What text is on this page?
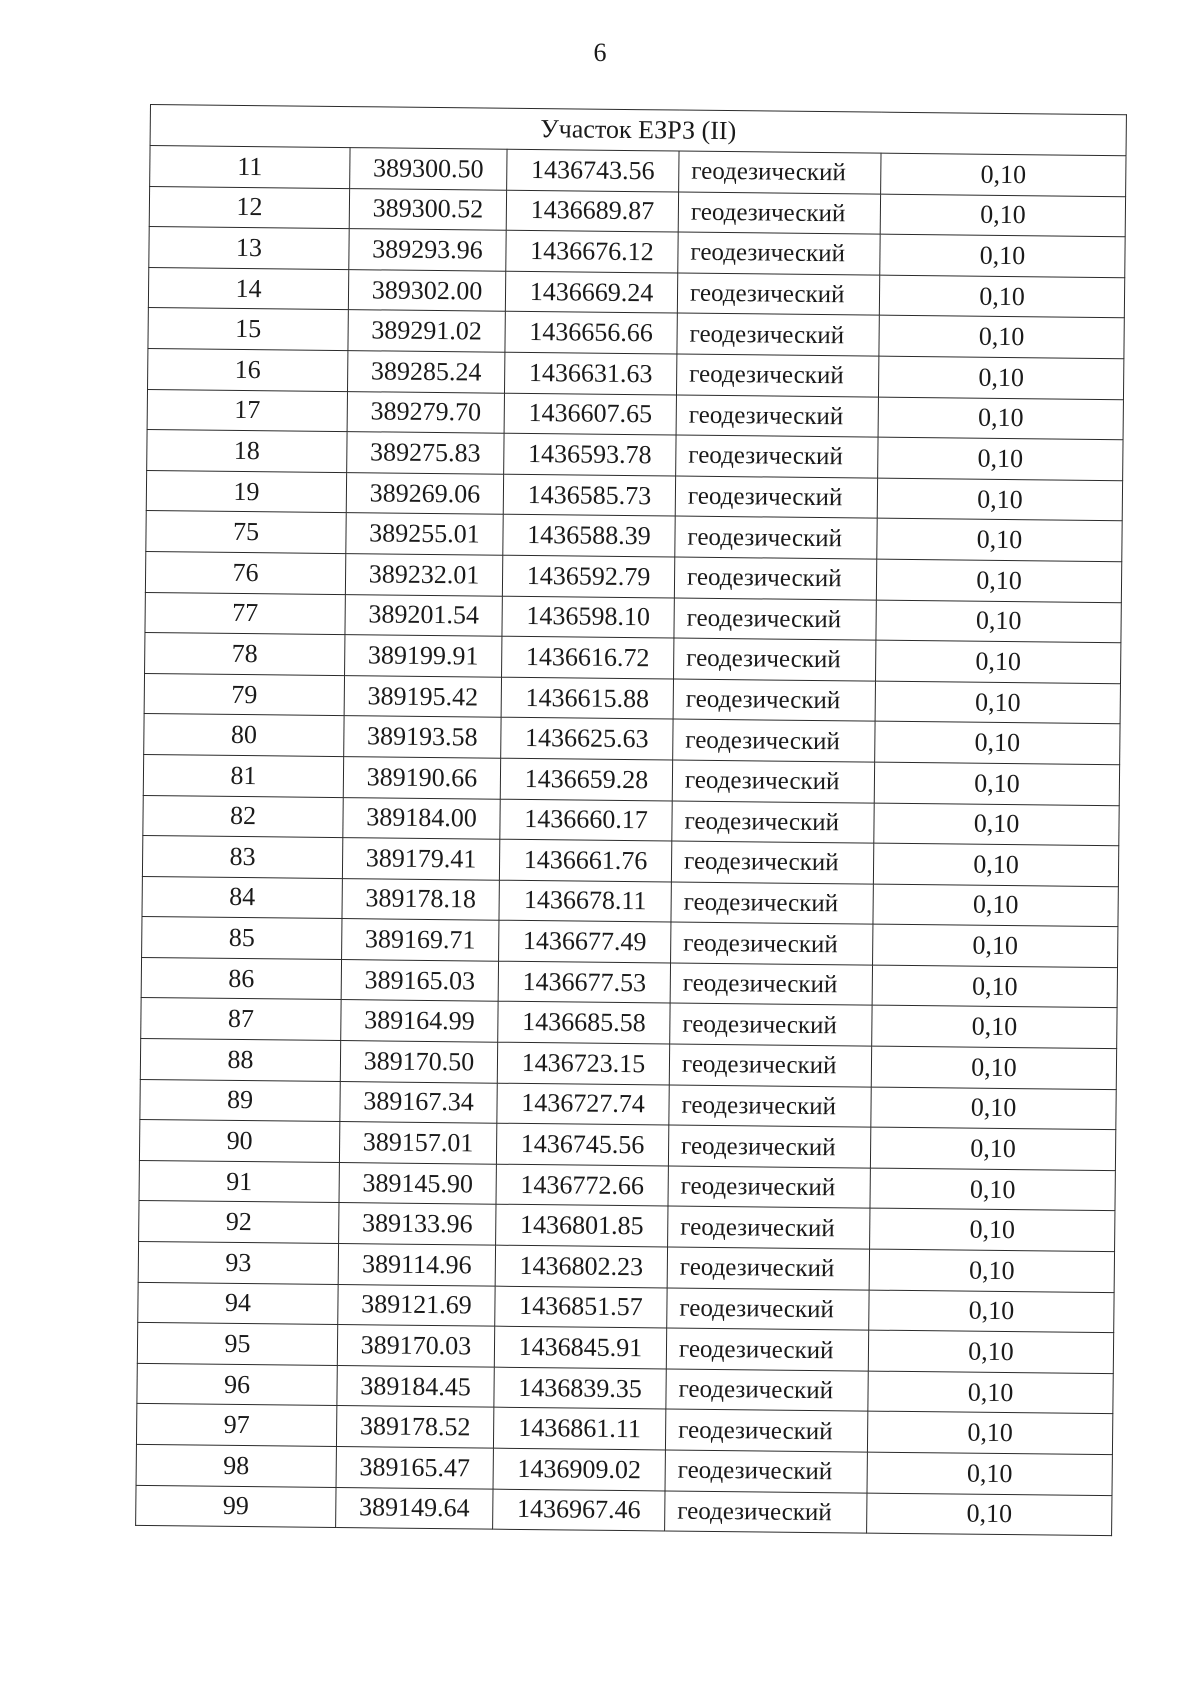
6
Участок ЕЗРЗ (II)				
11	389300.50	1436743.56	геодезический	0,10
12	389300.52	1436689.87	геодезический	0,10
13	389293.96	1436676.12	геодезический	0,10
14	389302.00	1436669.24	геодезический	0,10
15	389291.02	1436656.66	геодезический	0,10
16	389285.24	1436631.63	геодезический	0,10
17	389279.70	1436607.65	геодезический	0,10
18	389275.83	1436593.78	геодезический	0,10
19	389269.06	1436585.73	геодезический	0,10
75	389255.01	1436588.39	геодезический	0,10
76	389232.01	1436592.79	геодезический	0,10
77	389201.54	1436598.10	геодезический	0,10
78	389199.91	1436616.72	геодезический	0,10
79	389195.42	1436615.88	геодезический	0,10
80	389193.58	1436625.63	геодезический	0,10
81	389190.66	1436659.28	геодезический	0,10
82	389184.00	1436660.17	геодезический	0,10
83	389179.41	1436661.76	геодезический	0,10
84	389178.18	1436678.11	геодезический	0,10
85	389169.71	1436677.49	геодезический	0,10
86	389165.03	1436677.53	геодезический	0,10
87	389164.99	1436685.58	геодезический	0,10
88	389170.50	1436723.15	геодезический	0,10
89	389167.34	1436727.74	геодезический	0,10
90	389157.01	1436745.56	геодезический	0,10
91	389145.90	1436772.66	геодезический	0,10
92	389133.96	1436801.85	геодезический	0,10
93	389114.96	1436802.23	геодезический	0,10
94	389121.69	1436851.57	геодезический	0,10
95	389170.03	1436845.91	геодезический	0,10
96	389184.45	1436839.35	геодезический	0,10
97	389178.52	1436861.11	геодезический	0,10
98	389165.47	1436909.02	геодезический	0,10
99	389149.64	1436967.46	геодезический	0,10
